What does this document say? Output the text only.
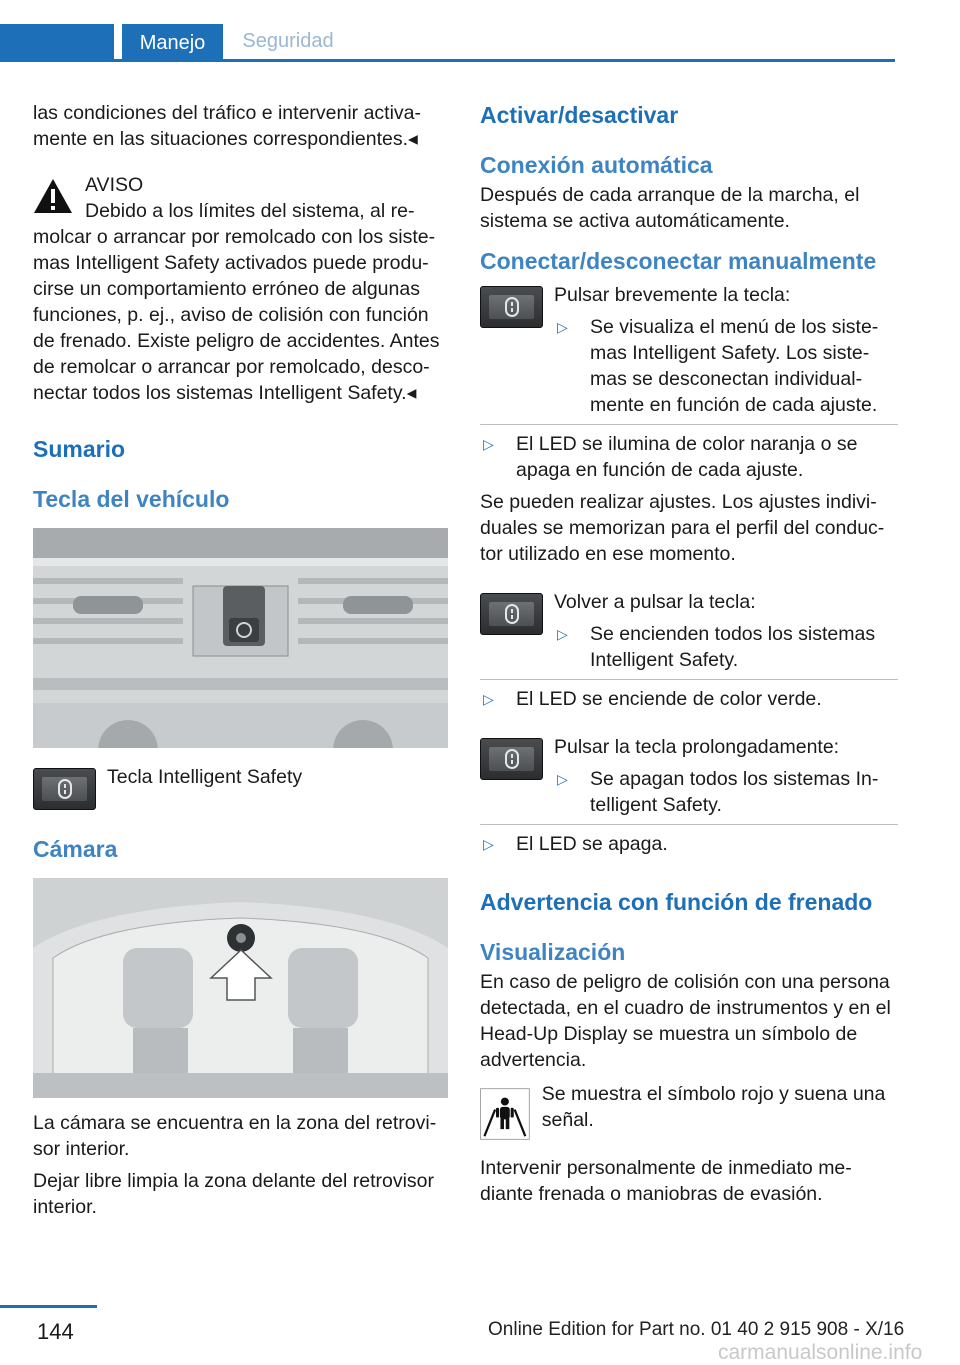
Manejo	Seguridad

las condiciones del tráfico e intervenir activa-mente en las situaciones correspondientes.◂

AVISO

Debido a los límites del sistema, al re-molcar o arrancar por remolcado con los siste-mas Intelligent Safety activados puede produ-cirse un comportamiento erróneo de algunas funciones, p. ej., aviso de colisión con función de frenado. Existe peligro de accidentes. Antes de remolcar o arrancar por remolcado, desco-nectar todos los sistemas Intelligent Safety.◂

Sumario
Tecla del vehículo

Tecla Intelligent Safety

Cámara

La cámara se encuentra en la zona del retrovi-sor interior.

Dejar libre limpia la zona delante del retrovisor interior.

Activar/desactivar
Conexión automática

Después de cada arranque de la marcha, el sistema se activa automáticamente.

Conectar/desconectar manualmente

Pulsar brevemente la tecla:

▷	Se visualiza el menú de los siste-mas Intelligent Safety. Los siste-mas se desconectan individual-mente en función de cada ajuste.

▷	El LED se ilumina de color naranja o se apaga en función de cada ajuste.

Se pueden realizar ajustes. Los ajustes indivi-duales se memorizan para el perfil del conduc-tor utilizado en ese momento.

Volver a pulsar la tecla:

▷	Se encienden todos los sistemas Intelligent Safety.

▷	El LED se enciende de color verde.

Pulsar la tecla prolongadamente:

▷	Se apagan todos los sistemas In-telligent Safety.

▷	El LED se apaga.

Advertencia con función de frenado
Visualización

En caso de peligro de colisión con una persona detectada, en el cuadro de instrumentos y en el Head-Up Display se muestra un símbolo de advertencia.

Se muestra el símbolo rojo y suena una señal.

Intervenir personalmente de inmediato me-diante frenada o maniobras de evasión.

144	Online Edition for Part no. 01 40 2 915 908 - X/16
carmanualsonline.info
